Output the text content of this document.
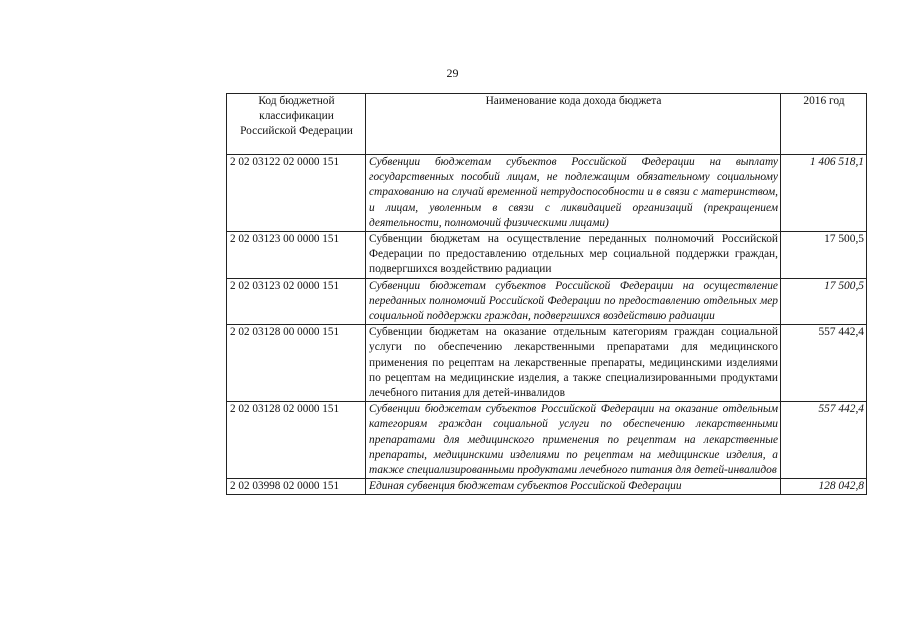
29
Код бюджетной классификации Российской Федерации	Наименование кода дохода бюджета	2016 год
2 02 03122 02 0000 151	Субвенции бюджетам субъектов Российской Федерации на выплату государственных пособий лицам, не подлежащим обязательному социальному страхованию на случай временной нетрудоспособности и в связи с материнством, и лицам, уволенным в связи с ликвидацией организаций (прекращением деятельности, полномочий физическими лицами)	1 406 518,1
2 02 03123 00 0000 151	Субвенции бюджетам на осуществление переданных полномочий Российской Федерации по предоставлению отдельных мер социальной поддержки граждан, подвергшихся воздействию радиации	17 500,5
2 02 03123 02 0000 151	Субвенции бюджетам субъектов Российской Федерации на осуществление переданных полномочий Российской Федерации по предоставлению отдельных мер социальной поддержки граждан, подвергшихся воздействию радиации	17 500,5
2 02 03128 00 0000 151	Субвенции бюджетам на оказание отдельным категориям граждан социальной услуги по обеспечению лекарственными препаратами для медицинского применения по рецептам на лекарственные препараты, медицинскими изделиями по рецептам на медицинские изделия, а также специализированными продуктами лечебного питания для детей-инвалидов	557 442,4
2 02 03128 02 0000 151	Субвенции бюджетам субъектов Российской Федерации на оказание отдельным категориям граждан социальной услуги по обеспечению лекарственными препаратами для медицинского применения по рецептам на лекарственные препараты, медицинскими изделиями по рецептам на медицинские изделия, а также специализированными продуктами лечебного питания для детей-инвалидов	557 442,4
2 02 03998 02 0000 151	Единая субвенция бюджетам субъектов Российской Федерации	128 042,8
